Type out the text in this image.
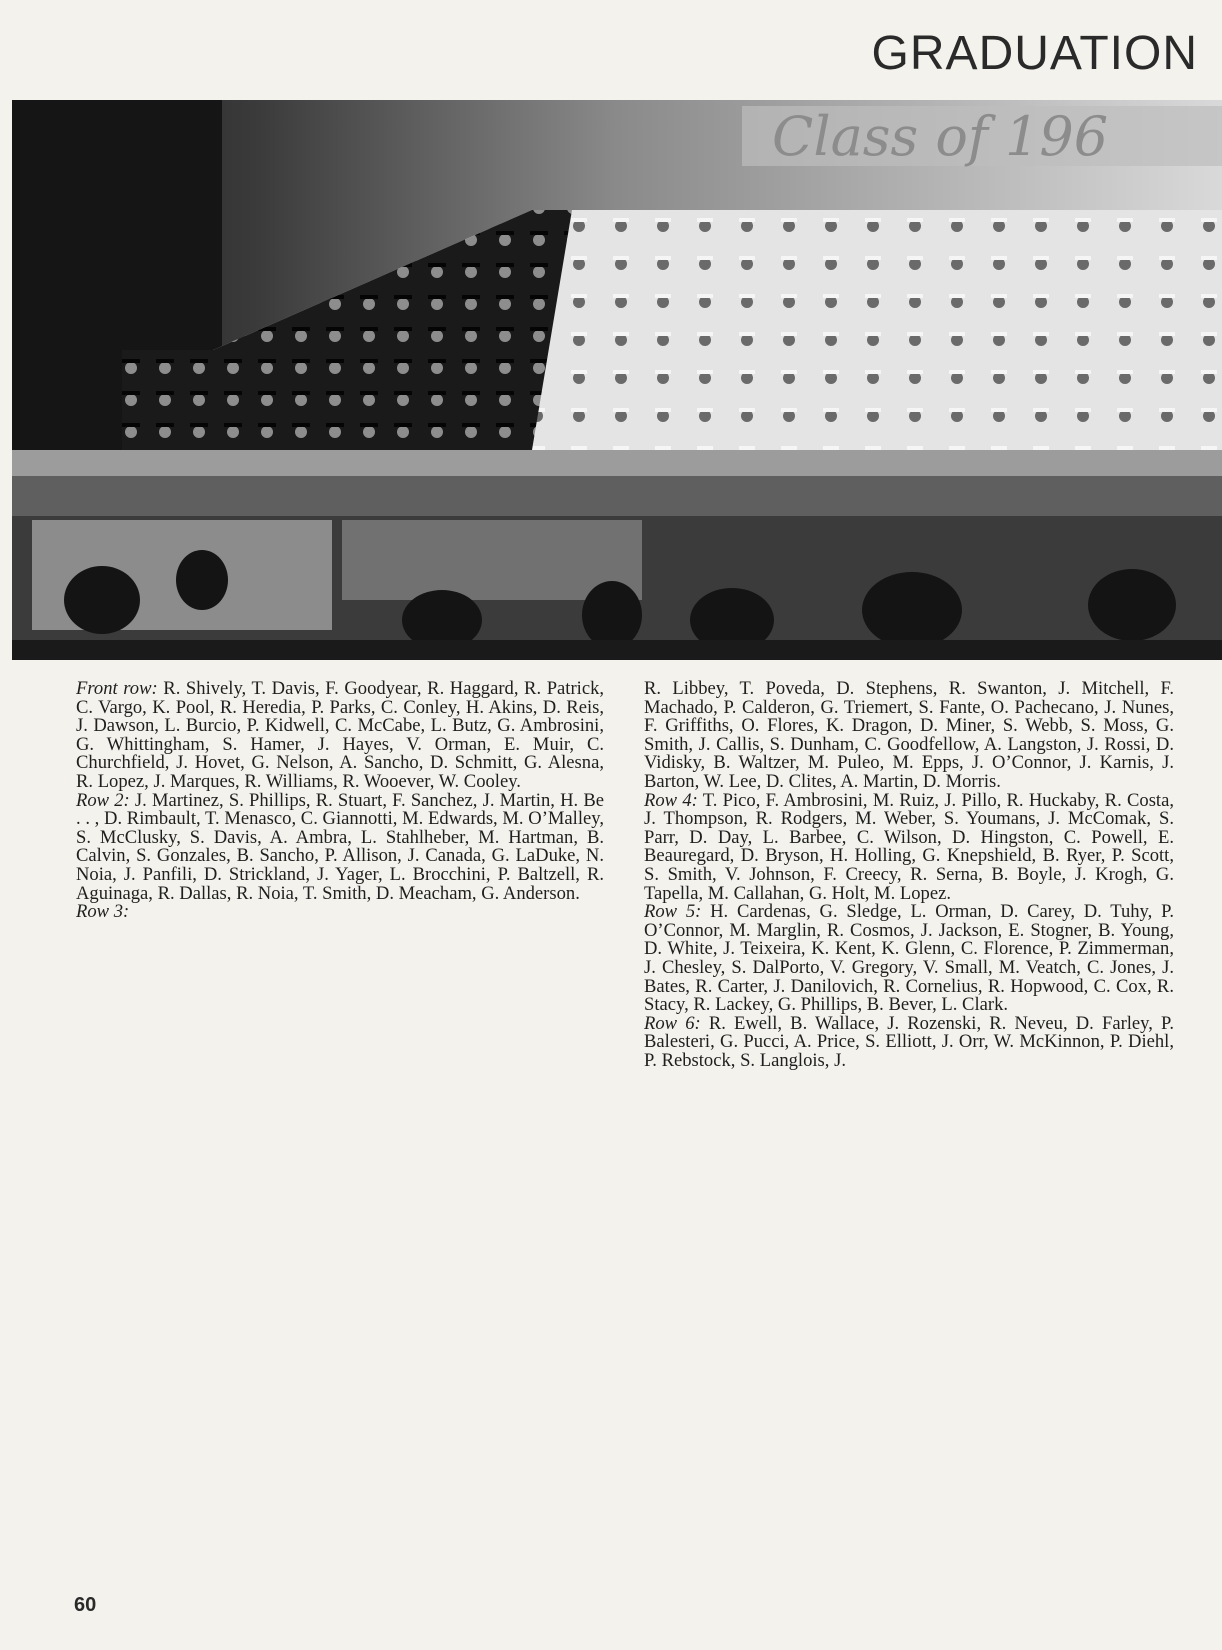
GRADUATION
Class of 196

Front row: R. Shively, T. Davis, F. Goodyear, R. Haggard, R. Patrick, C. Vargo, K. Pool, R. Heredia, P. Parks, C. Conley, H. Akins, D. Reis, J. Dawson, L. Burcio, P. Kidwell, C. McCabe, L. Butz, G. Ambrosini, G. Whittingham, S. Hamer, J. Hayes, V. Orman, E. Muir, C. Churchfield, J. Hovet, G. Nelson, A. Sancho, D. Schmitt, G. Alesna, R. Lopez, J. Marques, R. Williams, R. Wooever, W. Cooley.

Row 2: J. Martinez, S. Phillips, R. Stuart, F. Sanchez, J. Martin, H. Be . . , D. Rimbault, T. Menasco, C. Giannotti, M. Edwards, M. O’Malley, S. McClusky, S. Davis, A. Ambra, L. Stahlheber, M. Hartman, B. Calvin, S. Gonzales, B. Sancho, P. Allison, J. Canada, G. LaDuke, N. Noia, J. Panfili, D. Strickland, J. Yager, L. Brocchini, P. Baltzell, R. Aguinaga, R. Dallas, R. Noia, T. Smith, D. Meacham, G. Anderson.

Row 3:

R. Libbey, T. Poveda, D. Stephens, R. Swanton, J. Mitchell, F. Machado, P. Calderon, G. Triemert, S. Fante, O. Pachecano, J. Nunes, F. Griffiths, O. Flores, K. Dragon, D. Miner, S. Webb, S. Moss, G. Smith, J. Callis, S. Dunham, C. Goodfellow, A. Langston, J. Rossi, D. Vidisky, B. Waltzer, M. Puleo, M. Epps, J. O’Connor, J. Karnis, J. Barton, W. Lee, D. Clites, A. Martin, D. Morris.

Row 4: T. Pico, F. Ambrosini, M. Ruiz, J. Pillo, R. Huckaby, R. Costa, J. Thompson, R. Rodgers, M. Weber, S. Youmans, J. McComak, S. Parr, D. Day, L. Barbee, C. Wilson, D. Hingston, C. Powell, E. Beauregard, D. Bryson, H. Holling, G. Knepshield, B. Ryer, P. Scott, S. Smith, V. Johnson, F. Creecy, R. Serna, B. Boyle, J. Krogh, G. Tapella, M. Callahan, G. Holt, M. Lopez.

Row 5: H. Cardenas, G. Sledge, L. Orman, D. Carey, D. Tuhy, P. O’Connor, M. Marglin, R. Cosmos, J. Jackson, E. Stogner, B. Young, D. White, J. Teixeira, K. Kent, K. Glenn, C. Florence, P. Zimmerman, J. Chesley, S. DalPorto, V. Gregory, V. Small, M. Veatch, C. Jones, J. Bates, R. Carter, J. Danilovich, R. Cornelius, R. Hopwood, C. Cox, R. Stacy, R. Lackey, G. Phillips, B. Bever, L. Clark.

Row 6: R. Ewell, B. Wallace, J. Rozenski, R. Neveu, D. Farley, P. Balesteri, G. Pucci, A. Price, S. Elliott, J. Orr, W. McKinnon, P. Diehl, P. Rebstock, S. Langlois, J.

60
